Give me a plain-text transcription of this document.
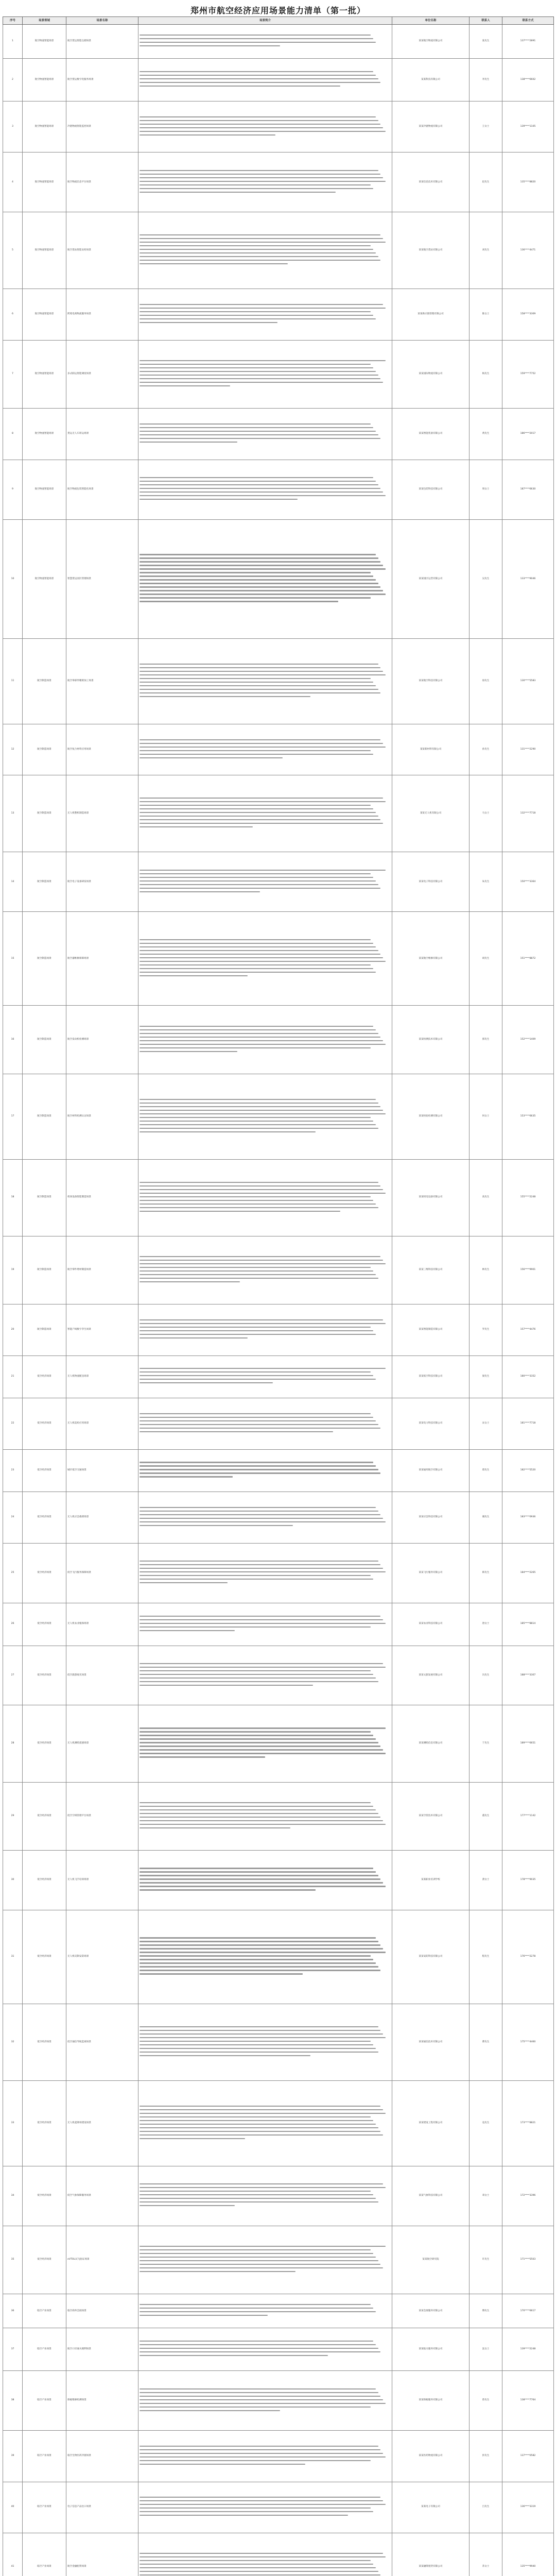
郑州市航空经济应用场景能力清单（第一批）
序号	场景领域	场景名称	场景简介	单位名称	联系人	联系方式
1	航空物流智能场景	航空货运智能仓储场景		某某航空物流有限公司	张先生	137****2891
2	航空物流智能场景	航空货运数字化服务场景		某某科技有限公司	李先生	138****6602
3	航空物流智能场景	冷链物流智能监控场景		某某冷链物流有限公司	王女士	139****1105
4	航空物流智能场景	航空物流信息平台场景		某某信息技术有限公司	赵先生	135****8820
5	航空物流智能场景	航空货站智能安检场景		某某航空货站有限公司	刘先生	136****4471
6	航空物流智能场景	跨境电商物流服务场景		某某供应链管理有限公司	陈女士	158****3309
7	航空物流智能场景	多式联运智能调度场景		某某国际物流有限公司	杨先生	159****7752
8	航空物流智能场景	货运无人车转运场景		某某智能装备有限公司	黄先生	186****2017
9	航空物流智能场景	航空物流包装智能化场景		某某包装科技有限公司	周女士	187****6630
10	航空物流智能场景	智慧货运园区管理场景		某某园区运营有限公司	吴先生	133****9046
11	航空制造场景	航空零部件精密加工场景		某某航空科技有限公司	徐先生	130****5583
12	航空制造场景	航空复合材料应用场景		某某新材料有限公司	孙先生	131****2290
13	航空制造场景	无人机整机制造场景		某某无人机有限公司	马女士	132****7718
14	航空制造场景	航空电子设备研发场景		某某电子科技有限公司	朱先生	150****3364
15	航空制造场景	航空器维修保障场景		某某航空维修有限公司	胡先生	151****8872
16	航空制造场景	航空发动机检测场景		某某检测技术有限公司	郭先生	152****1409
17	航空制造场景	航空材料检测认证场景		某某检验检测有限公司	何女士	153****6635
18	航空制造场景	机场设备智能制造场景		某某机电设备有限公司	高先生	155****2248
19	航空制造场景	航空零件增材制造场景		某某三维科技有限公司	林先生	156****9901
20	航空制造场景	智能产线数字孪生场景		某某智能制造有限公司	罗先生	157****4476
21	低空经济场景	无人机物流配送场景		某某低空科技有限公司	梁先生	180****3352
22	低空经济场景	无人机巡检应用场景		某某电力科技有限公司	宋女士	181****7718
23	低空经济场景	城市低空交通场景		某某通用航空有限公司	郑先生	182****5520
24	低空经济场景	无人机应急救援场景		某某应急科技有限公司	谢先生	183****0936
25	低空经济场景	低空飞行服务保障场景		某某飞行服务有限公司	韩先生	184****2265
26	低空经济场景	无人机农业植保场景		某某农业科技有限公司	唐女士	185****8814
27	低空经济场景	低空旅游观光场景		某某文旅发展有限公司	冯先生	188****3307
28	低空经济场景	无人机测绘遥感场景		某某测绘信息有限公司	于先生	189****6651
29	低空经济场景	低空空域管理平台场景		某某空管技术有限公司	董先生	177****1142
30	低空经济场景	无人机飞手培训场景		某某职业培训学校	萧女士	178****9035
31	低空经济场景	无人机反制安防场景		某某安防科技有限公司	程先生	176****2278
32	低空经济场景	低空通信导航监视场景		某某通信技术有限公司	曹先生	175****4460
33	低空经济场景	无人机起降场建设场景		某某建设工程有限公司	袁先生	173****8821
34	低空经济场景	低空气象保障服务场景		某某气象科技有限公司	邓女士	172****3396
35	低空经济场景	eVTOL试飞验证场景		某某航空研究院	许先生	171****5503
36	临空产业场景	临空商务会展场景		某某会展服务有限公司	傅先生	170****6617
37	临空产业场景	航空口岸通关便利场景		某某报关服务有限公司	沈女士	139****2248
38	临空产业场景	保税维修检测场景		某某保税服务有限公司	曾先生	138****7764
39	临空产业场景	临空生物医药冷链场景		某某医药物流有限公司	彭先生	137****0582
40	临空产业场景	电子信息产品出口场景		某某电子有限公司	吕先生	136****3319
41	临空产业场景	航空金融租赁场景		某某融资租赁有限公司	苏女士	135****9940
